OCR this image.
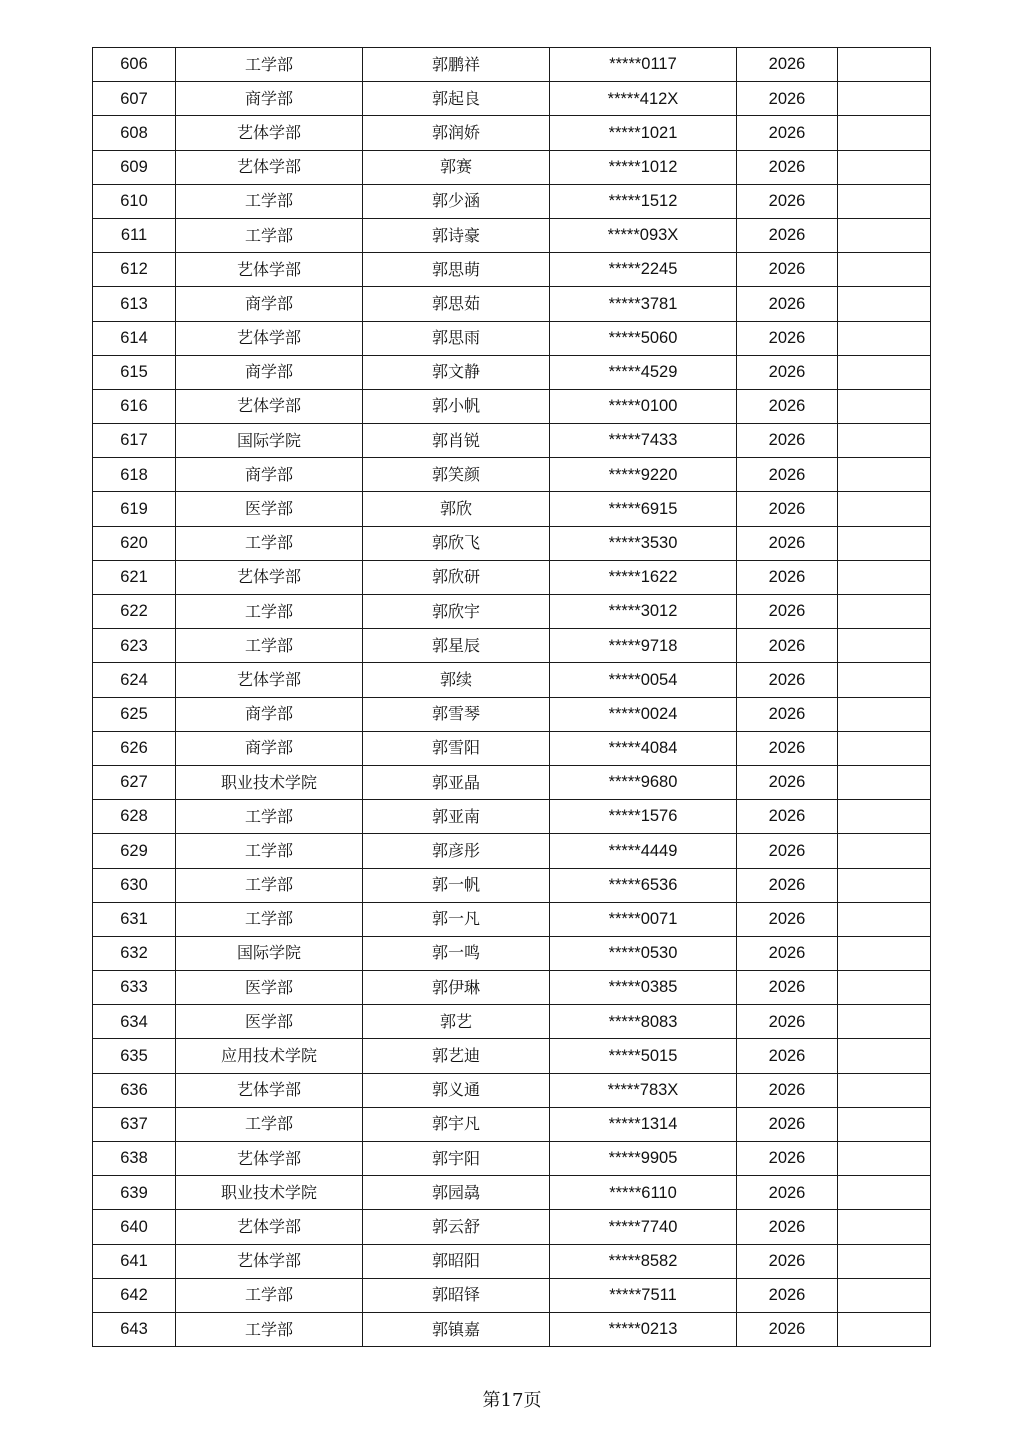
606	工学部	郭鹏祥	*****0117	2026	
607	商学部	郭起良	*****412X	2026	
608	艺体学部	郭润娇	*****1021	2026	
609	艺体学部	郭赛	*****1012	2026	
610	工学部	郭少涵	*****1512	2026	
611	工学部	郭诗豪	*****093X	2026	
612	艺体学部	郭思萌	*****2245	2026	
613	商学部	郭思茹	*****3781	2026	
614	艺体学部	郭思雨	*****5060	2026	
615	商学部	郭文静	*****4529	2026	
616	艺体学部	郭小帆	*****0100	2026	
617	国际学院	郭肖锐	*****7433	2026	
618	商学部	郭笑颜	*****9220	2026	
619	医学部	郭欣	*****6915	2026	
620	工学部	郭欣飞	*****3530	2026	
621	艺体学部	郭欣研	*****1622	2026	
622	工学部	郭欣宇	*****3012	2026	
623	工学部	郭星辰	*****9718	2026	
624	艺体学部	郭续	*****0054	2026	
625	商学部	郭雪琴	*****0024	2026	
626	商学部	郭雪阳	*****4084	2026	
627	职业技术学院	郭亚晶	*****9680	2026	
628	工学部	郭亚南	*****1576	2026	
629	工学部	郭彦彤	*****4449	2026	
630	工学部	郭一帆	*****6536	2026	
631	工学部	郭一凡	*****0071	2026	
632	国际学院	郭一鸣	*****0530	2026	
633	医学部	郭伊琳	*****0385	2026	
634	医学部	郭艺	*****8083	2026	
635	应用技术学院	郭艺迪	*****5015	2026	
636	艺体学部	郭义通	*****783X	2026	
637	工学部	郭宇凡	*****1314	2026	
638	艺体学部	郭宇阳	*****9905	2026	
639	职业技术学院	郭园骉	*****6110	2026	
640	艺体学部	郭云舒	*****7740	2026	
641	艺体学部	郭昭阳	*****8582	2026	
642	工学部	郭昭铎	*****7511	2026	
643	工学部	郭镇嘉	*****0213	2026	
第17页
